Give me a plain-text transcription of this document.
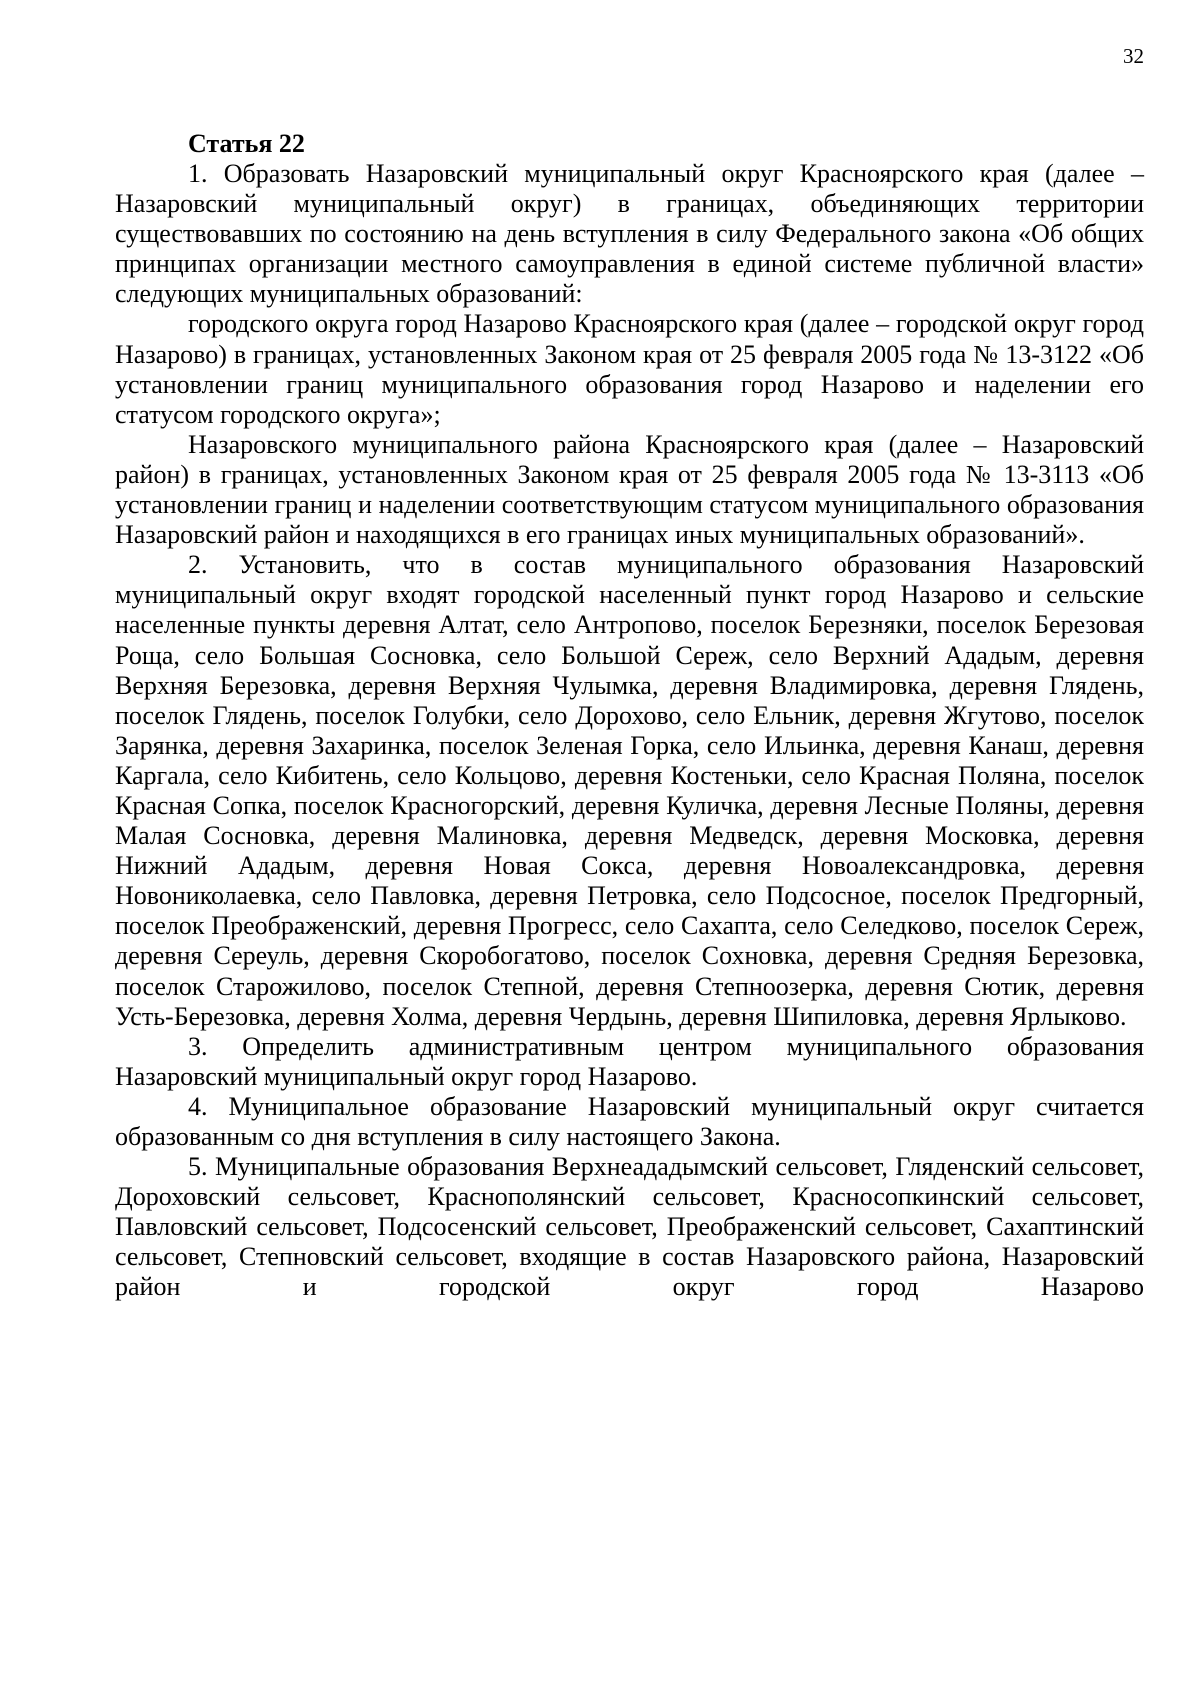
32

Статья 22

1. Образовать Назаровский муниципальный округ Красноярского края (далее – Назаровский муниципальный округ) в границах, объединяющих территории существовавших по состоянию на день вступления в силу Федерального закона «Об общих принципах организации местного самоуправления в единой системе публичной власти» следующих муниципальных образований:

городского округа город Назарово Красноярского края (далее – городской округ город Назарово) в границах, установленных Законом края от 25 февраля 2005 года № 13-3122 «Об установлении границ муниципального образования город Назарово и наделении его статусом городского округа»;

Назаровского муниципального района Красноярского края (далее – Назаровский район) в границах, установленных Законом края от 25 февраля 2005 года № 13-3113 «Об установлении границ и наделении соответствующим статусом муниципального образования Назаровский район и находящихся в его границах иных муниципальных образований».

2. Установить, что в состав муниципального образования Назаровский муниципальный округ входят городской населенный пункт город Назарово и сельские населенные пункты деревня Алтат, село Антропово, поселок Березняки, поселок Березовая Роща, село Большая Сосновка, село Большой Сереж, село Верхний Ададым, деревня Верхняя Березовка, деревня Верхняя Чулымка, деревня Владимировка, деревня Глядень, поселок Глядень, поселок Голубки, село Дорохово, село Ельник, деревня Жгутово, поселок Зарянка, деревня Захаринка, поселок Зеленая Горка, село Ильинка, деревня Канаш, деревня Каргала, село Кибитень, село Кольцово, деревня Костеньки, село Красная Поляна, поселок Красная Сопка, поселок Красногорский, деревня Куличка, деревня Лесные Поляны, деревня Малая Сосновка, деревня Малиновка, деревня Медведск, деревня Московка, деревня Нижний Ададым, деревня Новая Сокса, деревня Новоалександровка, деревня Новониколаевка, село Павловка, деревня Петровка, село Подсосное, поселок Предгорный, поселок Преображенский, деревня Прогресс, село Сахапта, село Селедково, поселок Сереж, деревня Сереуль, деревня Скоробогатово, поселок Сохновка, деревня Средняя Березовка, поселок Старожилово, поселок Степной, деревня Степноозерка, деревня Сютик, деревня Усть-Березовка, деревня Холма, деревня Чердынь, деревня Шипиловка, деревня Ярлыково.

3. Определить административным центром муниципального образования Назаровский муниципальный округ город Назарово.

4. Муниципальное образование Назаровский муниципальный округ считается образованным со дня вступления в силу настоящего Закона.

5. Муниципальные образования Верхнеададымский сельсовет, Гляденский сельсовет, Дороховский сельсовет, Краснополянский сельсовет, Красносопкинский сельсовет, Павловский сельсовет, Подсосенский сельсовет, Преображенский сельсовет, Сахаптинский сельсовет, Степновский сельсовет, входящие в состав Назаровского района, Назаровский район и городской округ город Назарово
